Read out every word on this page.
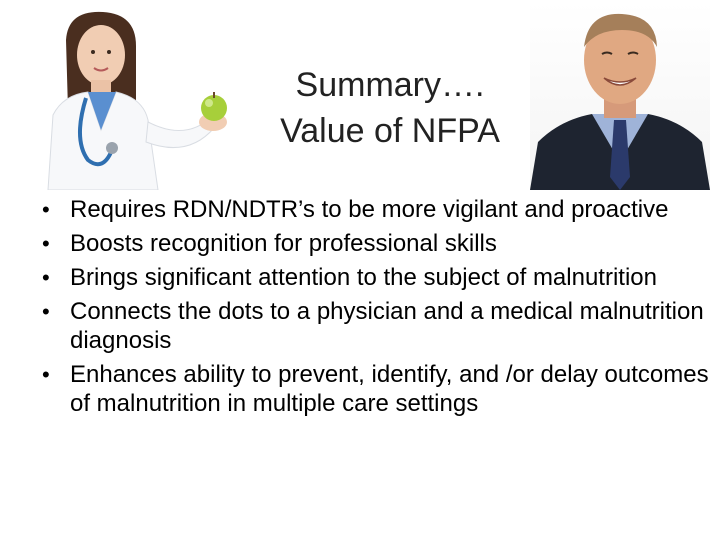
Summary….
Value of NFPA
• Requires RDN/NDTR’s to be more vigilant and proactive
• Boosts recognition for professional skills
• Brings significant attention to the subject of malnutrition
• Connects the dots to a physician and a medical malnutrition diagnosis
• Enhances ability to prevent, identify, and /or delay outcomes of malnutrition in multiple care settings
